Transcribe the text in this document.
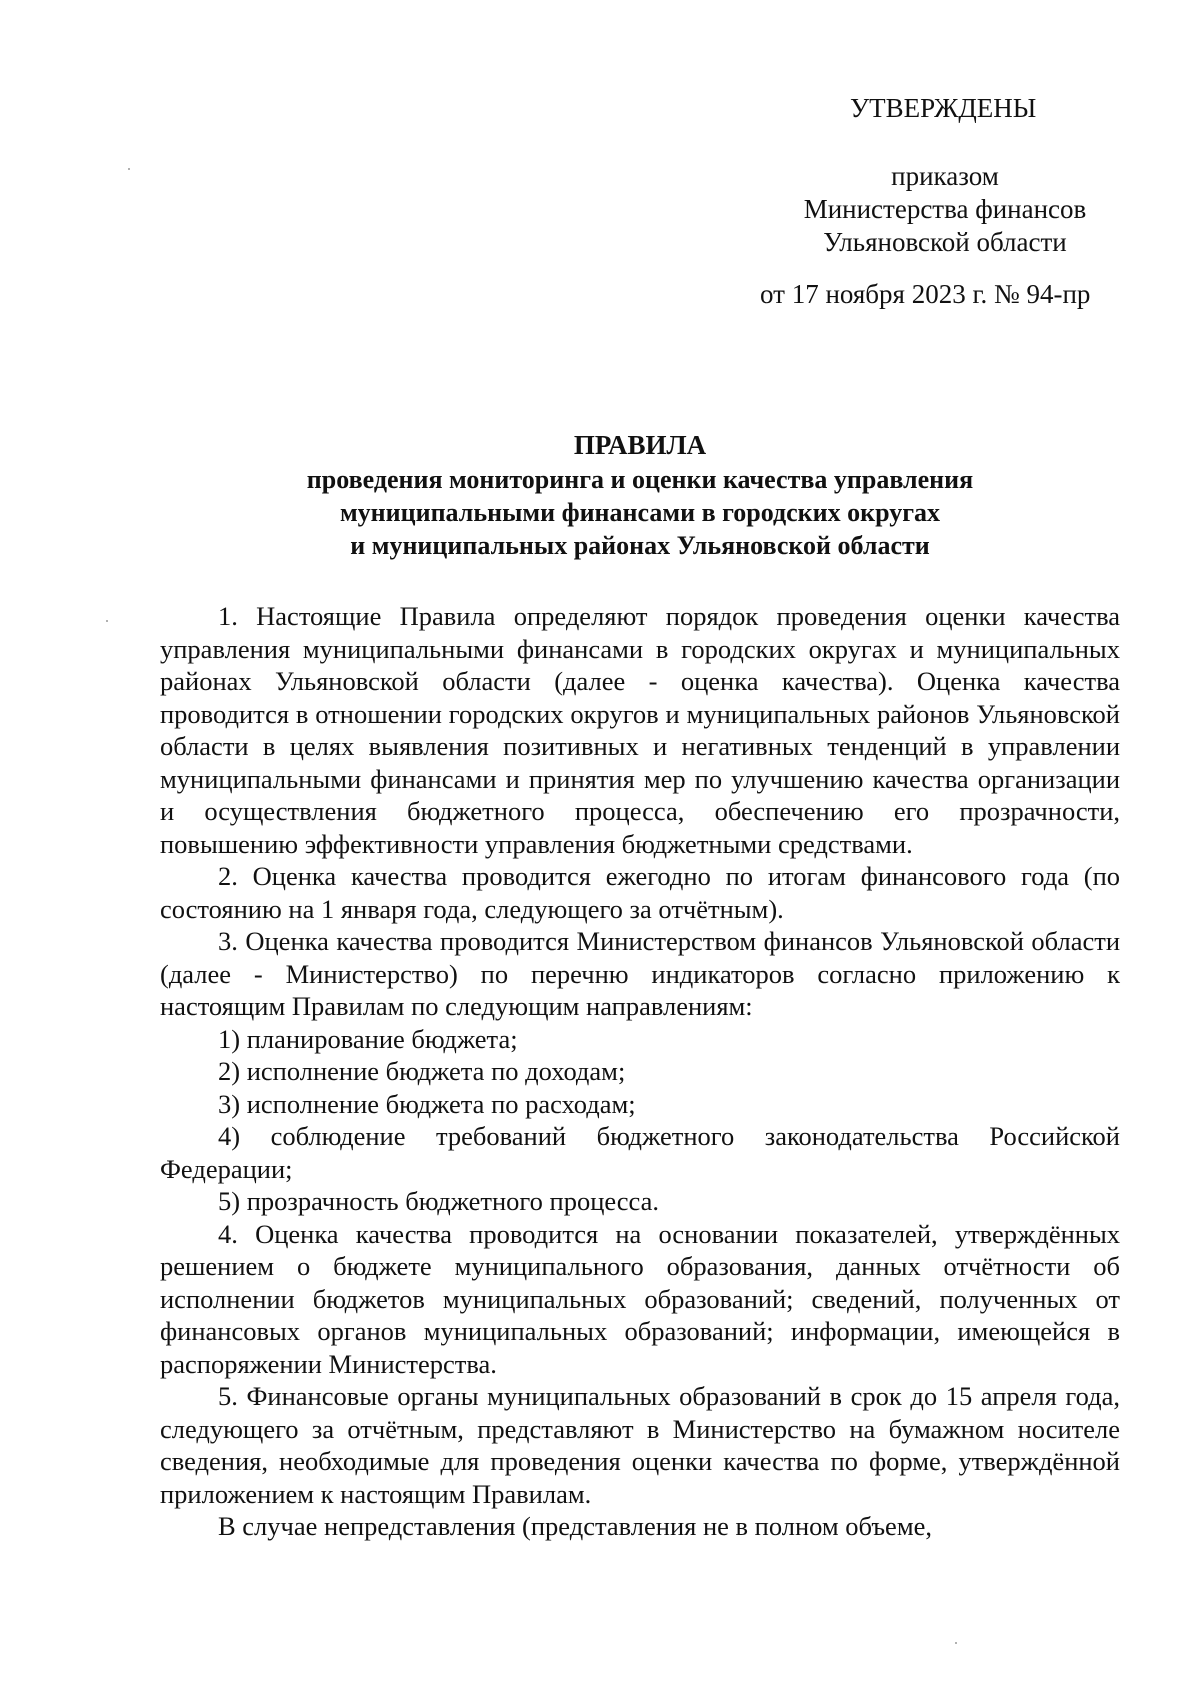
УТВЕРЖДЕНЫ
приказом
Министерства финансов
Ульяновской области
от 17 ноября 2023 г. № 94-пр
ПРАВИЛА
проведения мониторинга и оценки качества управления
муниципальными финансами в городских округах
и муниципальных районах Ульяновской области

1. Настоящие Правила определяют порядок проведения оценки качества управления муниципальными финансами в городских округах и муниципальных районах Ульяновской области (далее - оценка качества). Оценка качества проводится в отношении городских округов и муниципальных районов Ульяновской области в целях выявления позитивных и негативных тенденций в управлении муниципальными финансами и принятия мер по улучшению качества организации и осуществления бюджетного процесса, обеспечению его прозрачности, повышению эффективности управления бюджетными средствами.

2. Оценка качества проводится ежегодно по итогам финансового года (по состоянию на 1 января года, следующего за отчётным).

3. Оценка качества проводится Министерством финансов Ульяновской области (далее - Министерство) по перечню индикаторов согласно приложению к настоящим Правилам по следующим направлениям:

1) планирование бюджета;

2) исполнение бюджета по доходам;

3) исполнение бюджета по расходам;

4) соблюдение требований бюджетного законодательства Российской Федерации;

5) прозрачность бюджетного процесса.

4. Оценка качества проводится на основании показателей, утверждённых решением о бюджете муниципального образования, данных отчётности об исполнении бюджетов муниципальных образований; сведений, полученных от финансовых органов муниципальных образований; информации, имеющейся в распоряжении Министерства.

5. Финансовые органы муниципальных образований в срок до 15 апреля года, следующего за отчётным, представляют в Министерство на бумажном носителе сведения, необходимые для проведения оценки качества по форме, утверждённой приложением к настоящим Правилам.

В случае непредставления (представления не в полном объеме,
